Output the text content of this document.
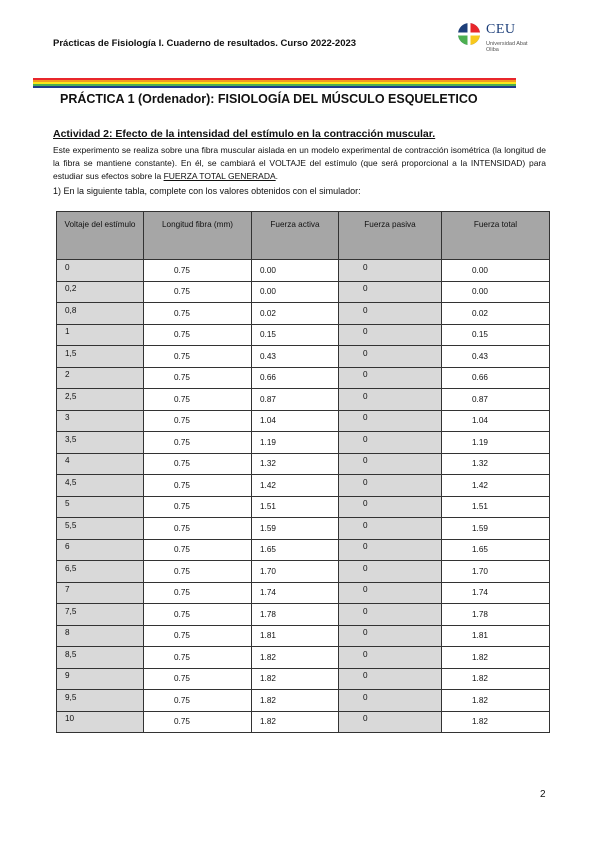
Prácticas de Fisiología I. Cuaderno de resultados. Curso 2022-2023
CEU
Universidad Abat Oliba
PRÁCTICA 1 (Ordenador): FISIOLOGÍA DEL MÚSCULO ESQUELETICO
Actividad 2: Efecto de la intensidad del estímulo en la contracción muscular.
Este experimento se realiza sobre una fibra muscular aislada en un modelo experimental de contracción isométrica (la longitud de la fibra se mantiene constante). En él, se cambiará el VOLTAJE del estímulo (que será proporcional a la INTENSIDAD) para estudiar sus efectos sobre la FUERZA TOTAL GENERADA.
1) En la siguiente tabla, complete con los valores obtenidos con el simulador:
Voltaje del estímulo	Longitud fibra (mm)	Fuerza activa	Fuerza pasiva	Fuerza total
0	0.75	0.00	0	0.00
0,2	0.75	0.00	0	0.00
0,8	0.75	0.02	0	0.02
1	0.75	0.15	0	0.15
1,5	0.75	0.43	0	0.43
2	0.75	0.66	0	0.66
2,5	0.75	0.87	0	0.87
3	0.75	1.04	0	1.04
3,5	0.75	1.19	0	1.19
4	0.75	1.32	0	1.32
4,5	0.75	1.42	0	1.42
5	0.75	1.51	0	1.51
5,5	0.75	1.59	0	1.59
6	0.75	1.65	0	1.65
6,5	0.75	1.70	0	1.70
7	0.75	1.74	0	1.74
7,5	0.75	1.78	0	1.78
8	0.75	1.81	0	1.81
8,5	0.75	1.82	0	1.82
9	0.75	1.82	0	1.82
9,5	0.75	1.82	0	1.82
10	0.75	1.82	0	1.82
2
